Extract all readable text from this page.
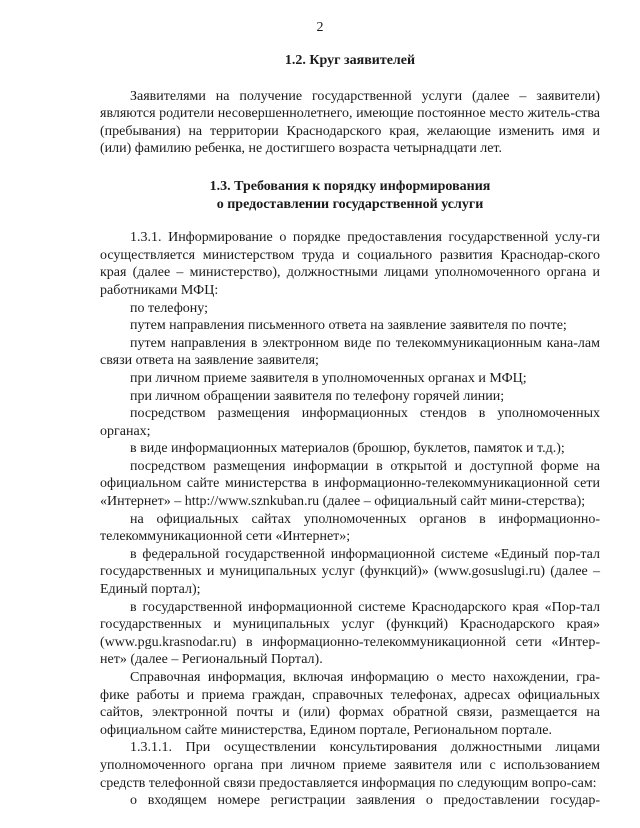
2

1.2. Круг заявителей

Заявителями на получение государственной услуги (далее – заявители) являются родители несовершеннолетнего, имеющие постоянное место житель-ства (пребывания) на территории Краснодарского края, желающие изменить имя и (или) фамилию ребенка, не достигшего возраста четырнадцати лет.

1.3. Требования к порядку информирования

о предоставлении государственной услуги

1.3.1. Информирование о порядке предоставления государственной услу-ги осуществляется министерством труда и социального развития Краснодар-ского края (далее – министерство), должностными лицами уполномоченного органа и работниками МФЦ:

по телефону;

путем направления письменного ответа на заявление заявителя по почте;

путем направления в электронном виде по телекоммуникационным кана-лам связи ответа на заявление заявителя;

при личном приеме заявителя в уполномоченных органах и МФЦ;

при личном обращении заявителя по телефону горячей линии;

посредством размещения информационных стендов в уполномоченных органах;

в виде информационных материалов (брошюр, буклетов, памяток и т.д.);

посредством размещения информации в открытой и доступной форме на официальном сайте министерства в информационно-телекоммуникационной сети «Интернет» – http://www.sznkuban.ru (далее – официальный сайт мини-стерства);

на официальных сайтах уполномоченных органов в информационно-телекоммуникационной сети «Интернет»;

в федеральной государственной информационной системе «Единый пор-тал государственных и муниципальных услуг (функций)» (www.gosuslugi.ru) (далее – Единый портал);

в государственной информационной системе Краснодарского края «Пор-тал государственных и муниципальных услуг (функций) Краснодарского края» (www.pgu.krasnodar.ru) в информационно-телекоммуникационной сети «Интер-нет» (далее – Региональный Портал).

Справочная информация, включая информацию о место нахождении, гра-фике работы и приема граждан, справочных телефонах, адресах официальных сайтов, электронной почты и (или) формах обратной связи, размещается на официальном сайте министерства, Едином портале, Региональном портале.

1.3.1.1. При осуществлении консультирования должностными лицами уполномоченного органа при личном приеме заявителя или с использованием средств телефонной связи предоставляется информация по следующим вопро-сам:

о входящем номере регистрации заявления о предоставлении государ-
